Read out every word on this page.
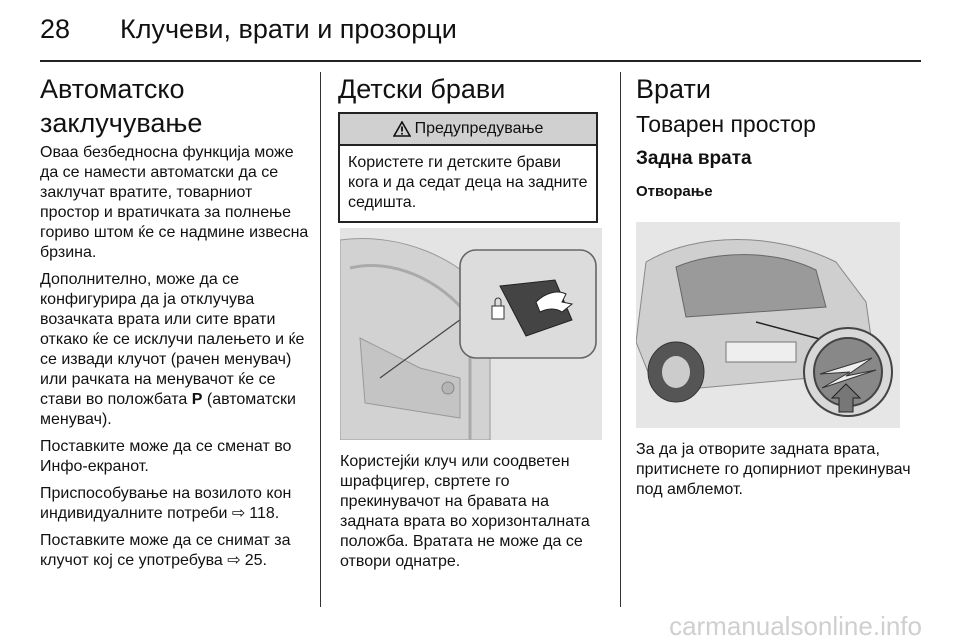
28	Клучеви, врати и прозорци
Автоматско заклучување

Оваа безбедносна функција може да се намести автоматски да се заклучат вратите, товарниот простор и вратичката за полнење гориво штом ќе се надмине извесна брзина.

Дополнително, може да се конфигурира да ја отклучува возачката врата или сите врати откако ќе се исклучи палењето и ќе се извади клучот (рачен менувач) или рачката на менувачот ќе се стави во положбата P (автоматски менувач).

Поставките може да се сменат во Инфо-екранот.

Приспособување на возилото кон индивидуалните потреби ⇨ 118.

Поставките може да се снимат за клучот кој се употребува ⇨ 25.

Детски брави
Предупредување
Користете ги детските брави кога и да седат деца на задните седишта.

Користејќи клуч или соодветен шрафцигер, свртете го прекинувачот на бравата на задната врата во хоризонталната положба. Вратата не може да се отвори однатре.

Врати
Товарен простор
Задна врата
Отворање

За да ја отворите задната врата, притиснете го допирниот прекинувач под амблемот.

carmanualsonline.info
